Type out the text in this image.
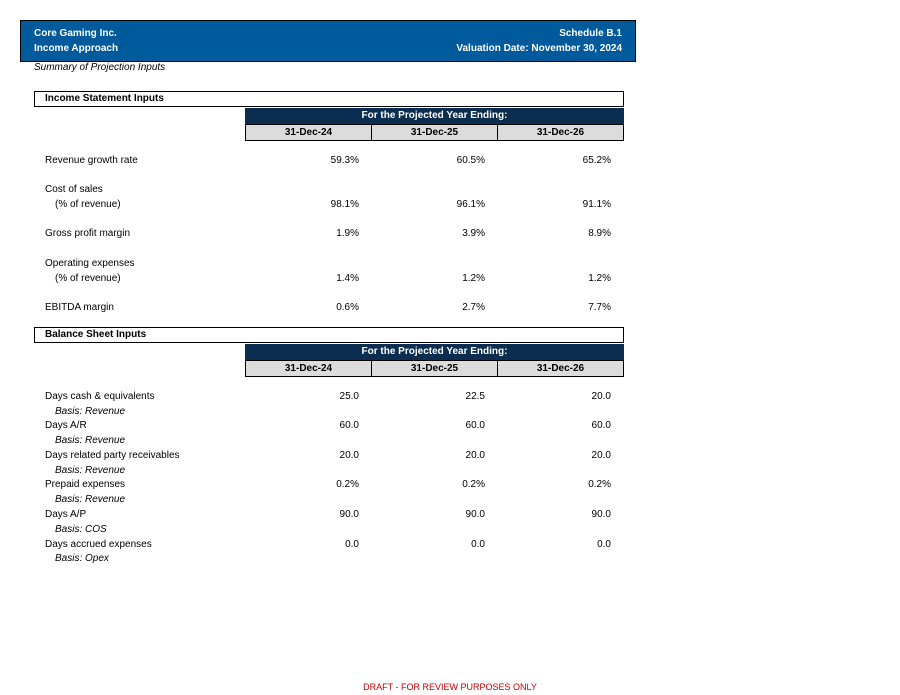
Core Gaming Inc.
Income Approach
Schedule B.1
Valuation Date: November 30, 2024
Summary of Projection Inputs
Income Statement Inputs
For the Projected Year Ending:
31-Dec-24	31-Dec-25	31-Dec-26
Revenue growth rate	59.3%	60.5%	65.2%
Cost of sales
(% of revenue)	98.1%	96.1%	91.1%
Gross profit margin	1.9%	3.9%	8.9%
Operating expenses
(% of revenue)	1.4%	1.2%	1.2%
EBITDA margin	0.6%	2.7%	7.7%
Balance Sheet Inputs
For the Projected Year Ending:
31-Dec-24	31-Dec-25	31-Dec-26
Days cash & equivalents	25.0	22.5	20.0
Basis: Revenue
Days A/R	60.0	60.0	60.0
Basis: Revenue
Days related party receivables	20.0	20.0	20.0
Basis: Revenue
Prepaid expenses	0.2%	0.2%	0.2%
Basis: Revenue
Days A/P	90.0	90.0	90.0
Basis: COS
Days accrued expenses	0.0	0.0	0.0
Basis: Opex
DRAFT - FOR REVIEW PURPOSES ONLY
